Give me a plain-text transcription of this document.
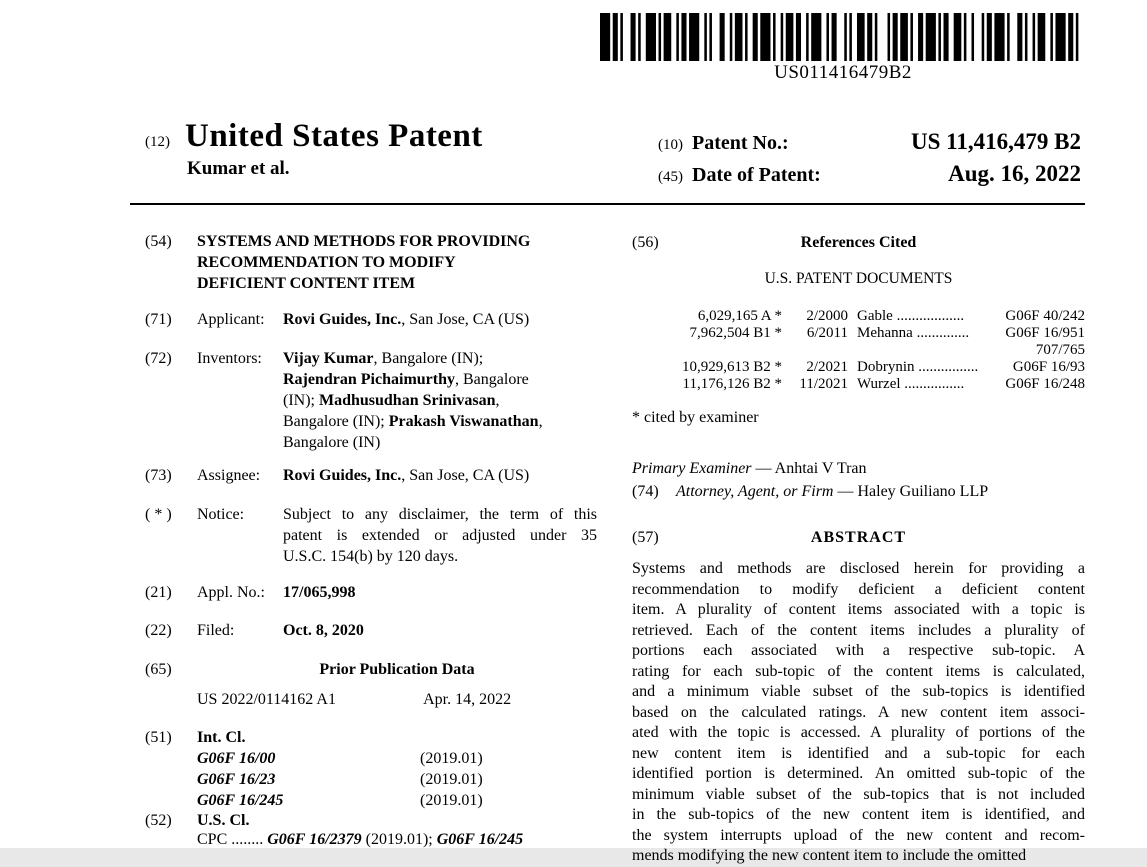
US011416479B2
(12) United States Patent
Kumar et al.
(10) Patent No.:	US 11,416,479 B2
(45) Date of Patent:	Aug. 16, 2022
(54)	SYSTEMS AND METHODS FOR PROVIDING
RECOMMENDATION TO MODIFY
DEFICIENT CONTENT ITEM
(71)	Applicant:	Rovi Guides, Inc., San Jose, CA (US)
(72)	Inventors:	Vijay Kumar, Bangalore (IN);
Rajendran Pichaimurthy, Bangalore
(IN); Madhusudhan Srinivasan,
Bangalore (IN); Prakash Viswanathan,
Bangalore (IN)
(73)	Assignee:	Rovi Guides, Inc., San Jose, CA (US)
( * )	Notice:	Subject to any disclaimer, the term of this
patent is extended or adjusted under 35
U.S.C. 154(b) by 120 days.
(21)	Appl. No.:	17/065,998
(22)	Filed:	Oct. 8, 2020
(65)	Prior Publication Data
US 2022/0114162 A1	Apr. 14, 2022
(51)	Int. Cl.
G06F 16/00	(2019.01)
G06F 16/23	(2019.01)
G06F 16/245	(2019.01)
(52)	U.S. Cl.
CPC ........ G06F 16/2379 (2019.01); G06F 16/245
(56)	References Cited
U.S. PATENT DOCUMENTS
6,029,165 A *	2/2000 Gable ..................	G06F 40/242
7,962,504 B1 *	6/2011 Mehanna ..............	G06F 16/951
707/765
10,929,613 B2 *	2/2021 Dobrynin ................	G06F 16/93
11,176,126 B2 *	11/2021 Wurzel ................	G06F 16/248
* cited by examiner
Primary Examiner — Anhtai V Tran
(74) Attorney, Agent, or Firm — Haley Guiliano LLP
(57)	ABSTRACT
Systems and methods are disclosed herein for providing a
recommendation to modify deficient a deficient content
item. A plurality of content items associated with a topic is
retrieved. Each of the content items includes a plurality of
portions each associated with a respective sub-topic. A
rating for each sub-topic of the content items is calculated,
and a minimum viable subset of the sub-topics is identified
based on the calculated ratings. A new content item associ-
ated with the topic is accessed. A plurality of portions of the
new content item is identified and a sub-topic for each
identified portion is determined. An omitted sub-topic of the
minimum viable subset of the sub-topics that is not included
in the sub-topics of the new content item is identified, and
the system interrupts upload of the new content and recom-
mends modifying the new content item to include the omitted
